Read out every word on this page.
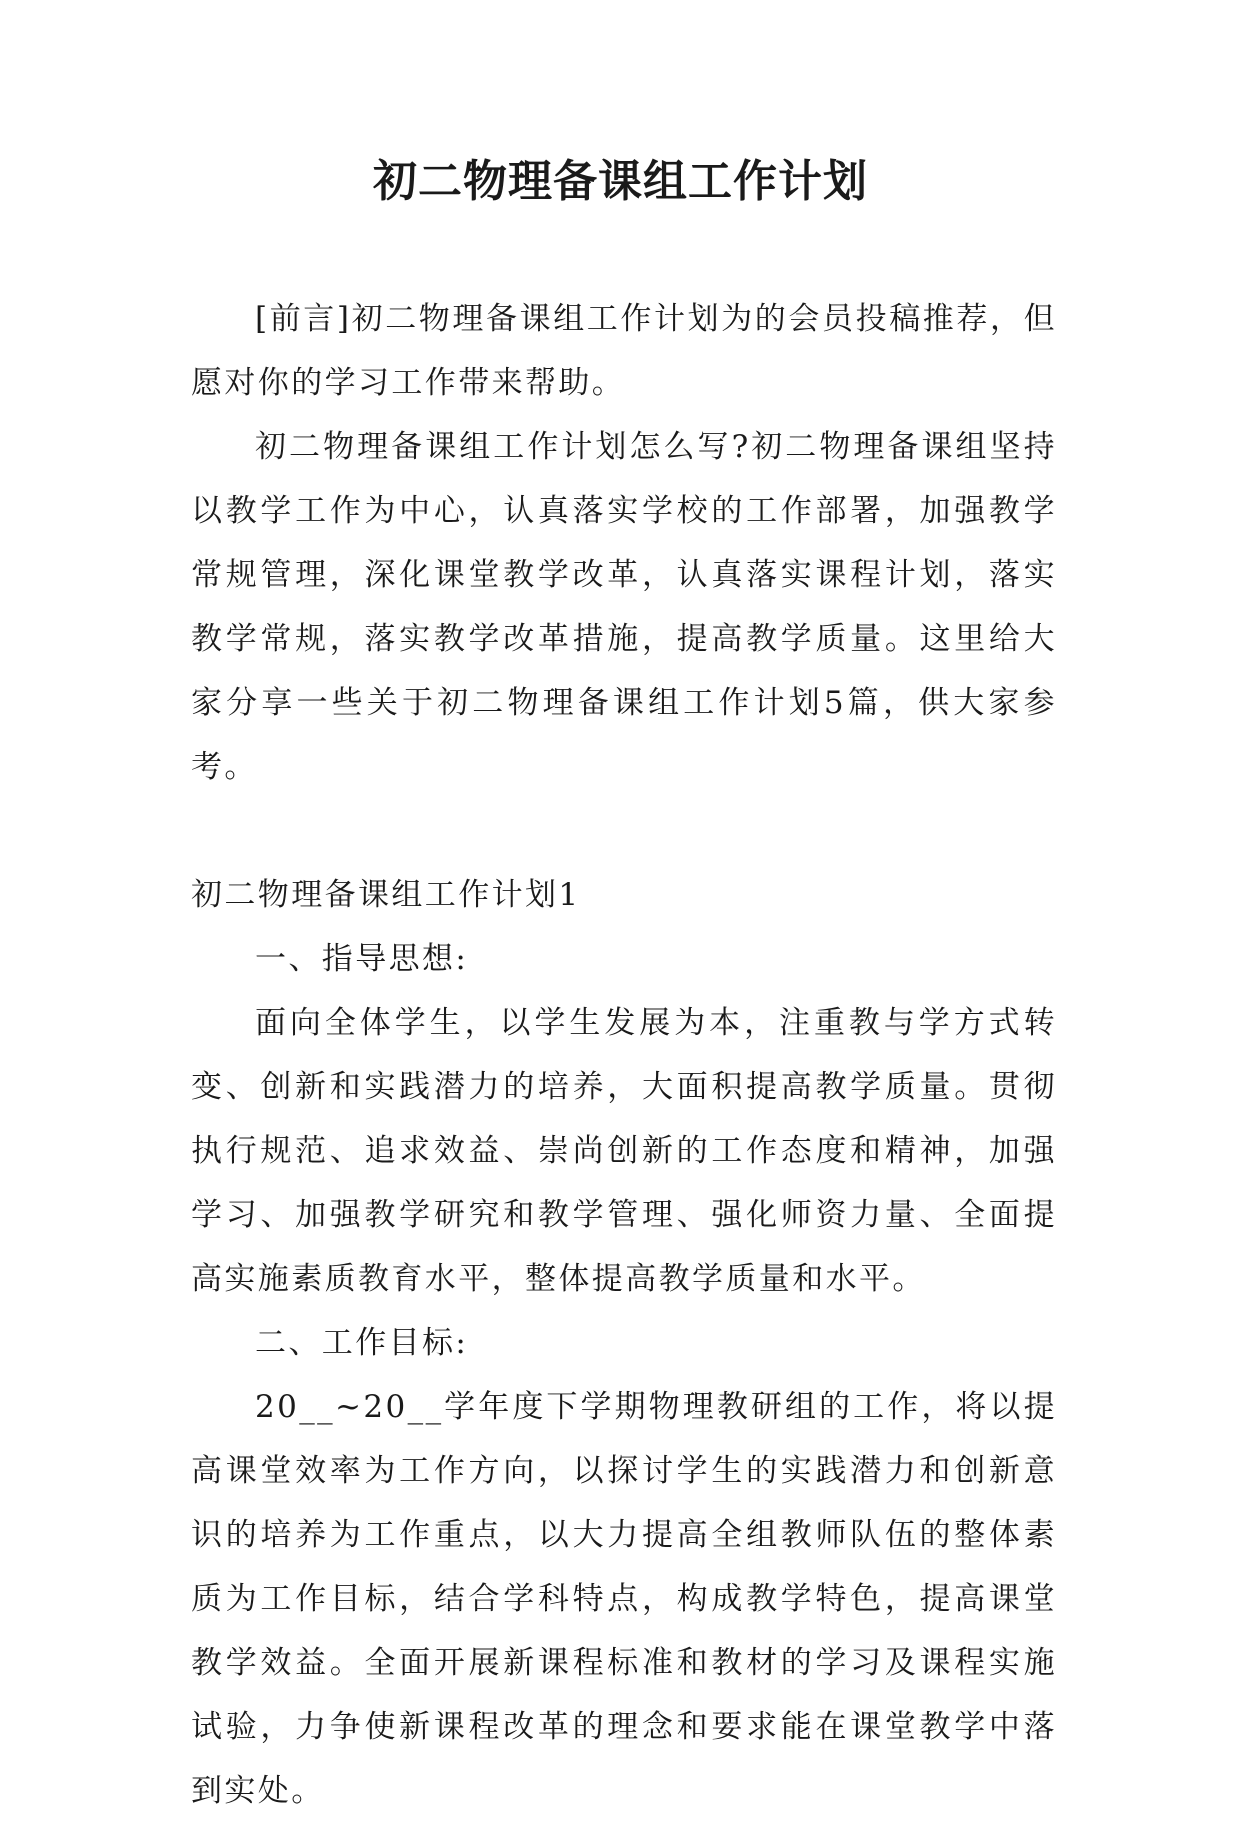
初二物理备课组工作计划

[前言]初二物理备课组工作计划为的会员投稿推荐，但愿对你的学习工作带来帮助。

初二物理备课组工作计划怎么写?初二物理备课组坚持以教学工作为中心，认真落实学校的工作部署，加强教学常规管理，深化课堂教学改革，认真落实课程计划，落实教学常规，落实教学改革措施，提高教学质量。这里给大家分享一些关于初二物理备课组工作计划5篇，供大家参考。

初二物理备课组工作计划1

一、指导思想:

面向全体学生，以学生发展为本，注重教与学方式转变、创新和实践潜力的培养，大面积提高教学质量。贯彻执行规范、追求效益、崇尚创新的工作态度和精神，加强学习、加强教学研究和教学管理、强化师资力量、全面提高实施素质教育水平，整体提高教学质量和水平。

二、工作目标:

20__~20__学年度下学期物理教研组的工作，将以提高课堂效率为工作方向，以探讨学生的实践潜力和创新意识的培养为工作重点，以大力提高全组教师队伍的整体素质为工作目标，结合学科特点，构成教学特色，提高课堂教学效益。全面开展新课程标准和教材的学习及课程实施试验，力争使新课程改革的理念和要求能在课堂教学中落到实处。
